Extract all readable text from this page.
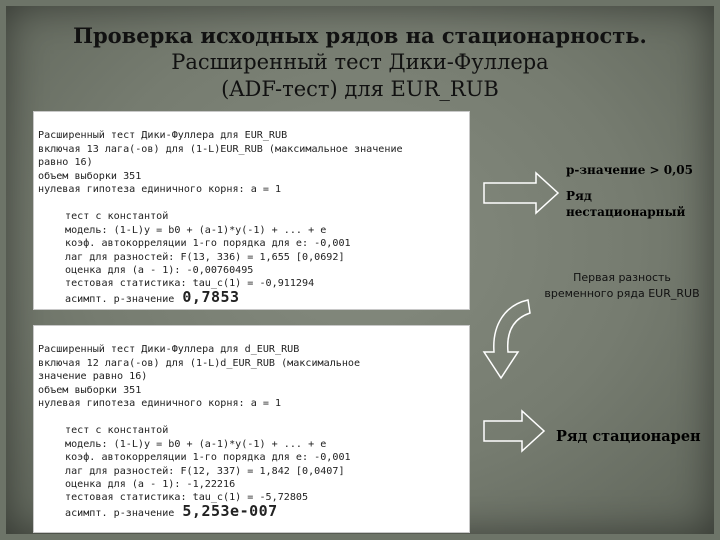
Проверка исходных рядов на стационарность.
Расширенный тест Дики-Фуллера
(ADF-тест) для EUR_RUB

Расширенный тест Дики-Фуллера для EUR_RUB
включая 13 лага(-ов) для (1-L)EUR_RUB (максимальное значение
равно 16)
объем выборки 351
нулевая гипотеза единичного корня: a = 1
тест с константой
модель: (1-L)y = b0 + (a-1)*y(-1) + ... + e
коэф. автокорреляции 1-го порядка для e: -0,001
лаг для разностей: F(13, 336) = 1,655 [0,0692]
оценка для (a - 1): -0,00760495
тестовая статистика: tau_c(1) = -0,911294
асимпт. р-значение 0,7853

Расширенный тест Дики-Фуллера для d_EUR_RUB
включая 12 лага(-ов) для (1-L)d_EUR_RUB (максимальное
значение равно 16)
объем выборки 351
нулевая гипотеза единичного корня: a = 1
тест с константой
модель: (1-L)y = b0 + (a-1)*y(-1) + ... + e
коэф. автокорреляции 1-го порядка для e: -0,001
лаг для разностей: F(12, 337) = 1,842 [0,0407]
оценка для (a - 1): -1,22216
тестовая статистика: tau_c(1) = -5,72805
асимпт. р-значение 5,253e-007

p-значение > 0,05
Ряд
нестационарный
Первая разность
временного ряда EUR_RUB
Ряд стационарен
